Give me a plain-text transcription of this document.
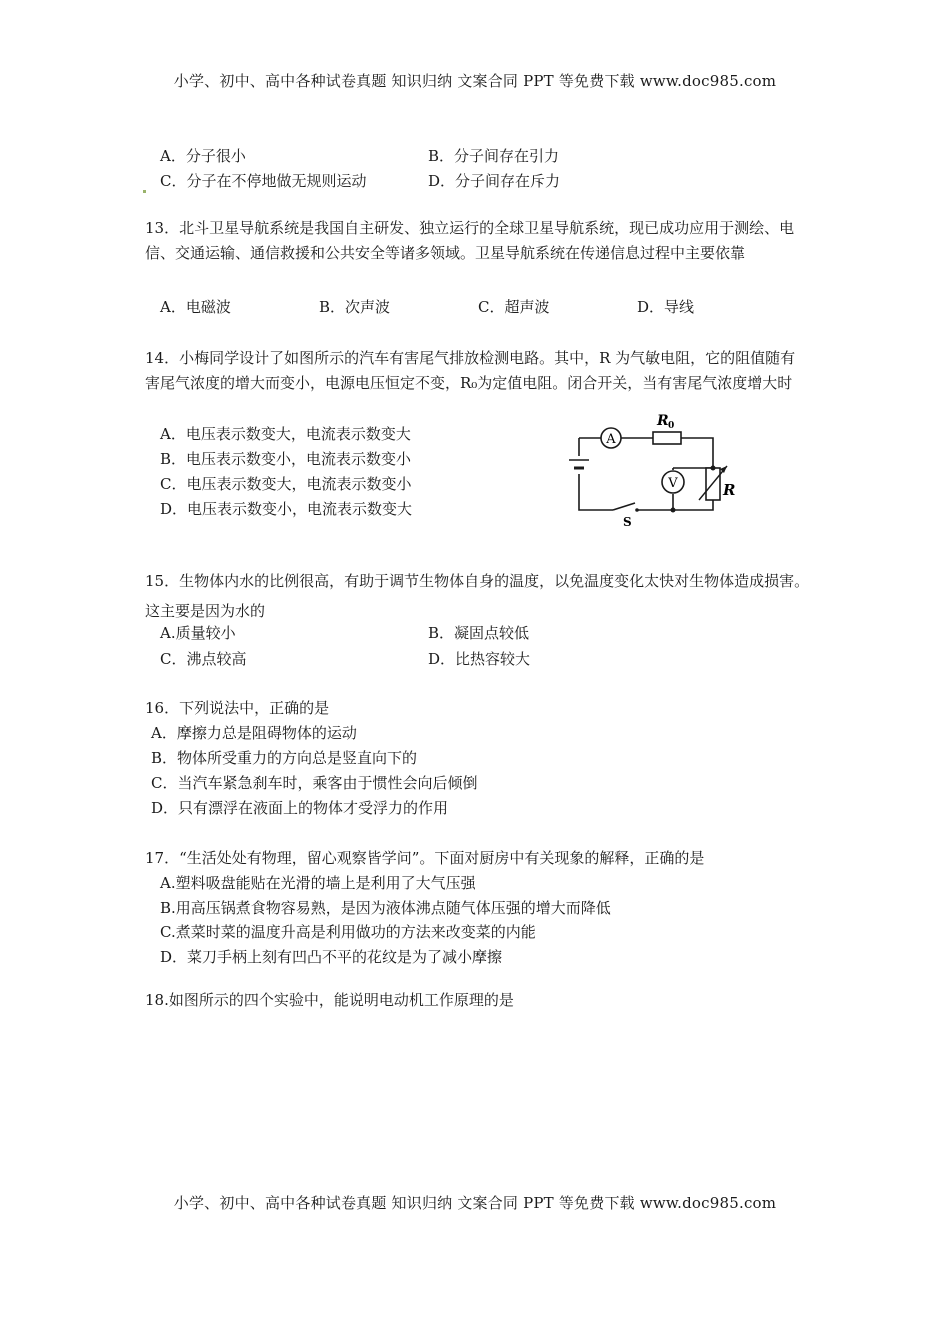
小学、初中、高中各种试卷真题 知识归纳 文案合同 PPT 等免费下载 www.doc985.com
A．分子很小	B．分子间存在引力
C．分子在不停地做无规则运动	D．分子间存在斥力
13．北斗卫星导航系统是我国自主研发、独立运行的全球卫星导航系统，现已成功应用于测绘、电信、交通运输、通信救援和公共安全等诸多领域。卫星导航系统在传递信息过程中主要依靠
A．电磁波	B．次声波	C．超声波	D．导线
14．小梅同学设计了如图所示的汽车有害尾气排放检测电路。其中，R 为气敏电阻，它的阻值随有害尾气浓度的增大而变小，电源电压恒定不变，R₀为定值电阻。闭合开关，当有害尾气浓度增大时
A．电压表示数变大，电流表示数变大
B．电压表示数变小，电流表示数变小
C．电压表示数变大，电流表示数变小
D．电压表示数变小，电流表示数变大
A
R 0
R
V
S
15．生物体内水的比例很高，有助于调节生物体自身的温度，以免温度变化太快对生物体造成损害。这主要是因为水的
A.质量较小	B．凝固点较低
C．沸点较高	D．比热容较大
16．下列说法中，正确的是
A．摩擦力总是阻碍物体的运动
B．物体所受重力的方向总是竖直向下的
C．当汽车紧急刹车时，乘客由于惯性会向后倾倒
D．只有漂浮在液面上的物体才受浮力的作用
17．“生活处处有物理，留心观察皆学问”。下面对厨房中有关现象的解释，正确的是
A.塑料吸盘能贴在光滑的墙上是利用了大气压强
B.用高压锅煮食物容易熟，是因为液体沸点随气体压强的增大而降低
C.煮菜时菜的温度升高是利用做功的方法来改变菜的内能
D．菜刀手柄上刻有凹凸不平的花纹是为了减小摩擦
18.如图所示的四个实验中，能说明电动机工作原理的是
小学、初中、高中各种试卷真题 知识归纳 文案合同 PPT 等免费下载 www.doc985.com
